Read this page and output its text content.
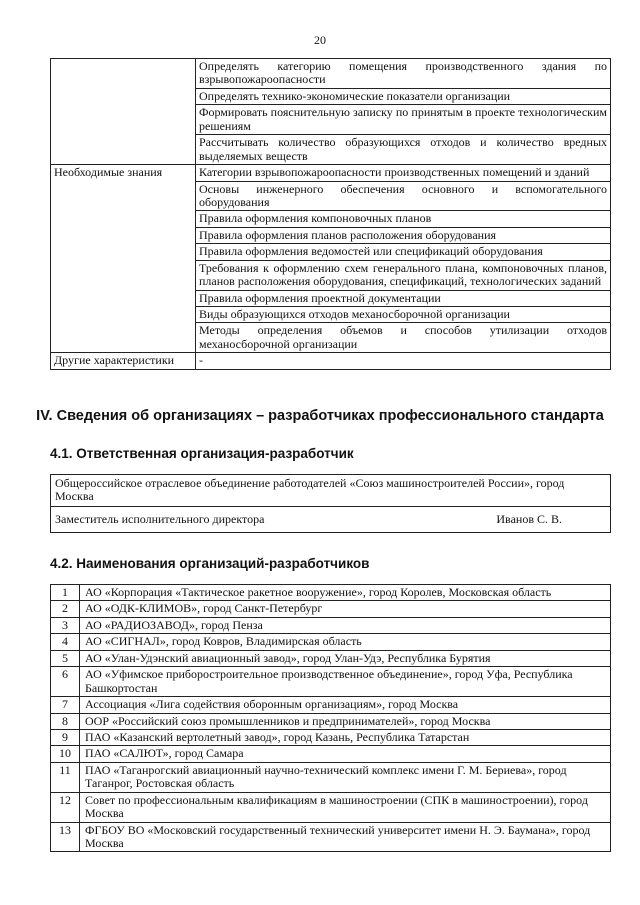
20
	Определять категорию помещения производственного здания по взрывопожароопасности
	Определять технико-экономические показатели организации
	Формировать пояснительную записку по принятым в проекте технологическим решениям
	Рассчитывать количество образующихся отходов и количество вредных выделяемых веществ
Необходимые знания	Категории взрывопожароопасности производственных помещений и зданий
	Основы инженерного обеспечения основного и вспомогательного оборудования
	Правила оформления компоновочных планов
	Правила оформления планов расположения оборудования
	Правила оформления ведомостей или спецификаций оборудования
	Требования к оформлению схем генерального плана, компоновочных планов, планов расположения оборудования, спецификаций, технологических заданий
	Правила оформления проектной документации
	Виды образующихся отходов механосборочной организации
	Методы определения объемов и способов утилизации отходов механосборочной организации
Другие характеристики	-
IV. Сведения об организациях – разработчиках профессионального стандарта
4.1. Ответственная организация-разработчик
Общероссийское отраслевое объединение работодателей «Союз машиностроителей России», город Москва
Заместитель исполнительного директора	Иванов С. В.
4.2. Наименования организаций-разработчиков
1	АО «Корпорация «Тактическое ракетное вооружение», город Королев, Московская область
2	АО «ОДК-КЛИМОВ», город Санкт-Петербург
3	АО «РАДИОЗАВОД», город Пенза
4	АО «СИГНАЛ», город Ковров, Владимирская область
5	АО «Улан-Удэнский авиационный завод», город Улан-Удэ, Республика Бурятия
6	АО «Уфимское приборостроительное производственное объединение», город Уфа, Республика Башкортостан
7	Ассоциация «Лига содействия оборонным организациям», город Москва
8	ООР «Российский союз промышленников и предпринимателей», город Москва
9	ПАО «Казанский вертолетный завод», город Казань, Республика Татарстан
10	ПАО «САЛЮТ», город Самара
11	ПАО «Таганрогский авиационный научно-технический комплекс имени Г. М. Бериева», город Таганрог, Ростовская область
12	Совет по профессиональным квалификациям в машиностроении (СПК в машиностроении), город Москва
13	ФГБОУ ВО «Московский государственный технический университет имени Н. Э. Баумана», город Москва
